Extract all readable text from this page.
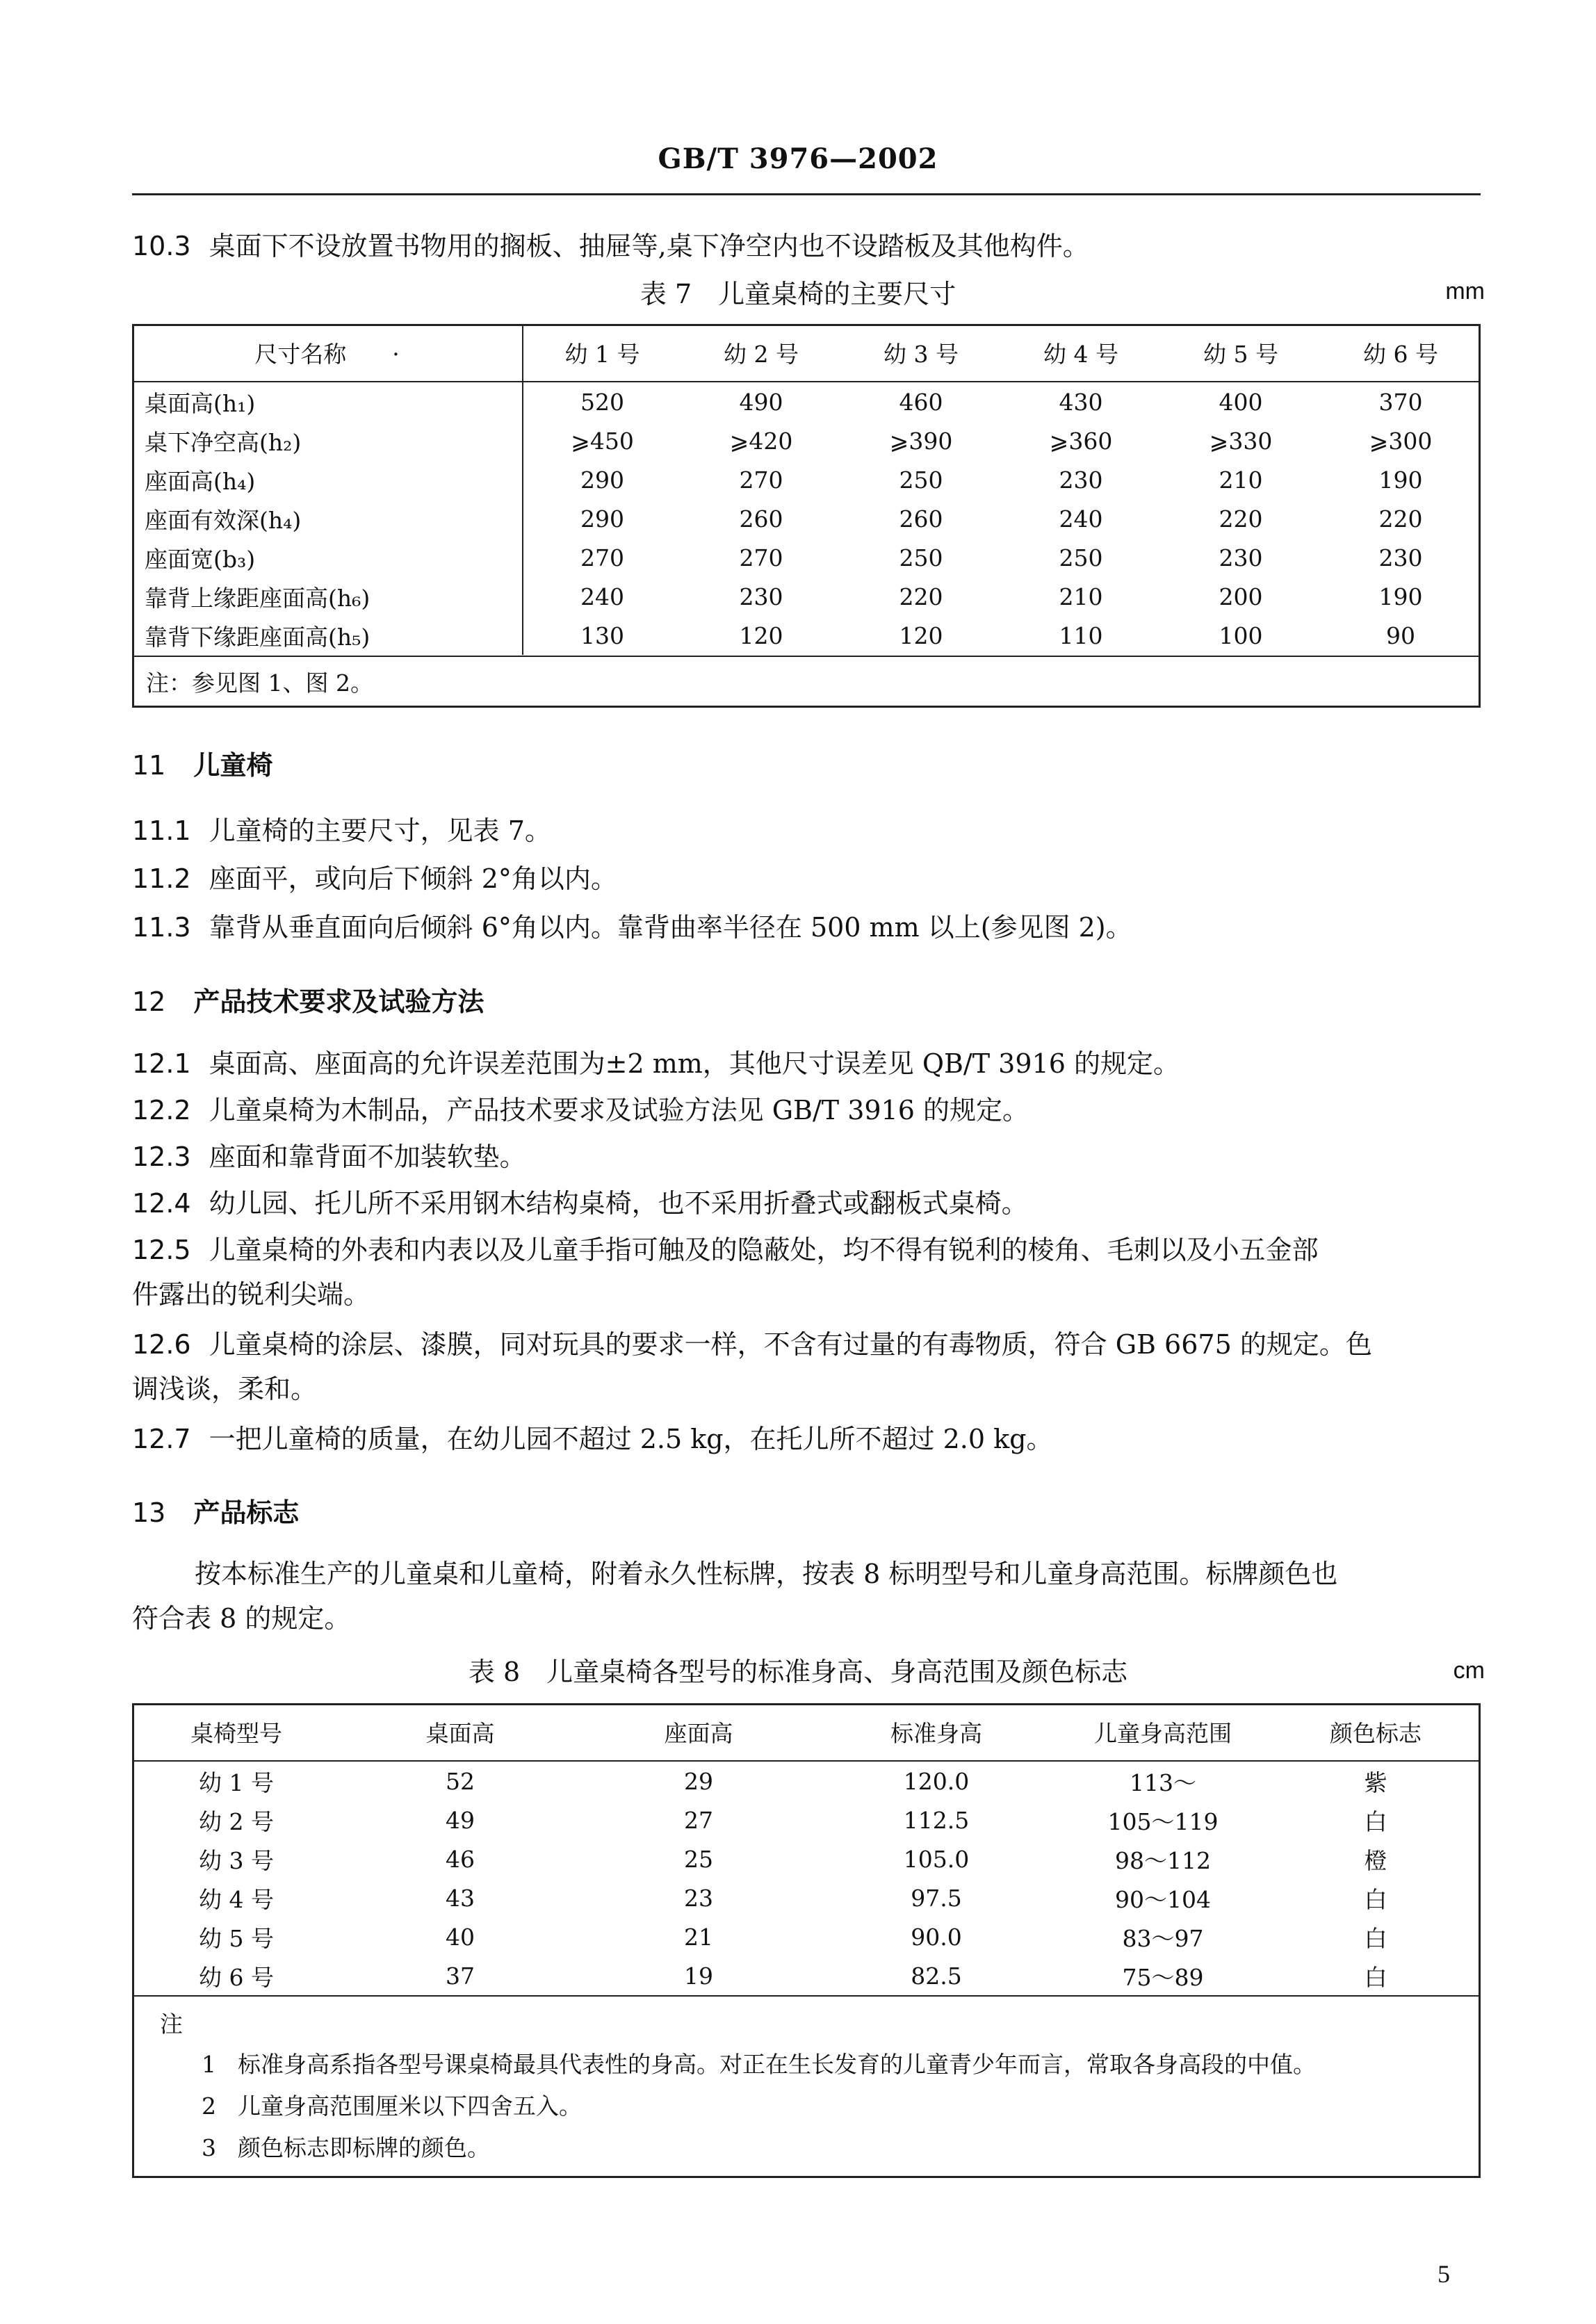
GB/T 3976—2002
10.3 桌面下不设放置书物用的搁板、抽屉等,桌下净空内也不设踏板及其他构件。
表 7　儿童桌椅的主要尺寸	mm
尺寸名称　　·	幼 1 号	幼 2 号	幼 3 号	幼 4 号	幼 5 号	幼 6 号
桌面高(h₁)	520	490	460	430	400	370
桌下净空高(h₂)	⩾450	⩾420	⩾390	⩾360	⩾330	⩾300
座面高(h₄)	290	270	250	230	210	190
座面有效深(h₄)	290	260	260	240	220	220
座面宽(b₃)	270	270	250	250	230	230
靠背上缘距座面高(h₆)	240	230	220	210	200	190
靠背下缘距座面高(h₅)	130	120	120	110	100	90
注：参见图 1、图 2。
11 儿童椅
11.1 儿童椅的主要尺寸，见表 7。
11.2 座面平，或向后下倾斜 2°角以内。
11.3 靠背从垂直面向后倾斜 6°角以内。靠背曲率半径在 500 mm 以上(参见图 2)。
12 产品技术要求及试验方法
12.1 桌面高、座面高的允许误差范围为±2 mm，其他尺寸误差见 QB/T 3916 的规定。
12.2 儿童桌椅为木制品，产品技术要求及试验方法见 GB/T 3916 的规定。
12.3 座面和靠背面不加装软垫。
12.4 幼儿园、托儿所不采用钢木结构桌椅，也不采用折叠式或翻板式桌椅。
12.5 儿童桌椅的外表和内表以及儿童手指可触及的隐蔽处，均不得有锐利的棱角、毛刺以及小五金部
件露出的锐利尖端。
12.6 儿童桌椅的涂层、漆膜，同对玩具的要求一样，不含有过量的有毒物质，符合 GB 6675 的规定。色
调浅谈，柔和。
12.7 一把儿童椅的质量，在幼儿园不超过 2.5 kg，在托儿所不超过 2.0 kg。
13 产品标志
按本标准生产的儿童桌和儿童椅，附着永久性标牌，按表 8 标明型号和儿童身高范围。标牌颜色也
符合表 8 的规定。
表 8　儿童桌椅各型号的标准身高、身高范围及颜色标志	cm
桌椅型号	桌面高	座面高	标准身高	儿童身高范围	颜色标志
幼 1 号	52	29	120.0	113～	紫
幼 2 号	49	27	112.5	105～119	白
幼 3 号	46	25	105.0	98～112	橙
幼 4 号	43	23	97.5	90～104	白
幼 5 号	40	21	90.0	83～97	白
幼 6 号	37	19	82.5	75～89	白
注
1 标准身高系指各型号课桌椅最具代表性的身高。对正在生长发育的儿童青少年而言，常取各身高段的中值。
2 儿童身高范围厘米以下四舍五入。
3 颜色标志即标牌的颜色。
5
